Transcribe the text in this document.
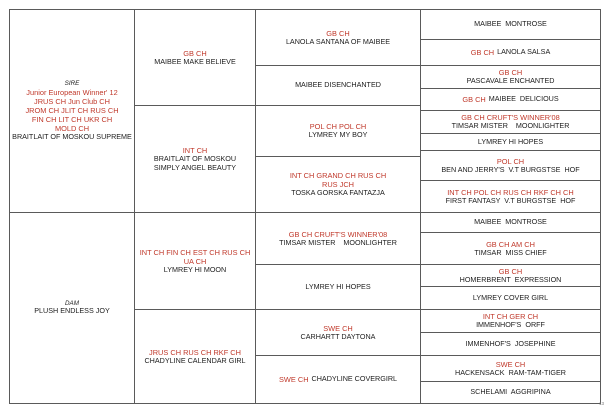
SIRE
Junior European Winner' 12
JRUS CH Jun Club CH
JROM CH JLIT CH RUS CH
FIN CH LIT CH UKR CH
MOLD CH
BRAITLAIT OF MOSKOU SUPREME
DAM
PLUSH ENDLESS JOY
GB CH
MAIBEE MAKE BELIEVE
INT CH
BRAITLAIT OF MOSKOU SIMPLY ANGEL BEAUTY
INT CH FIN CH EST CH RUS CH UA CH
LYMREY HI MOON
JRUS CH RUS CH RKF CH
CHADYLINE CALENDAR GIRL
GB CH
LANOLA SANTANA OF MAIBEE
MAIBEE DISENCHANTED
POL CH POL CH
LYMREY MY BOY
INT CH GRAND CH RUS CH
RUS JCH
TOSKA GORSKA FANTAZJA
GB CH CRUFT'S WINNER'08
TIMSAR MISTER    MOONLIGHTER
LYMREY HI HOPES
SWE CH
CARHARTT DAYTONA
SWE CH CHADYLINE COVERGIRL
MAIBEE  MONTROSE
GB CH LANOLA SALSA
GB CH
PASCAVALE ENCHANTED
GB CH MAIBEE  DELICIOUS
GB CH CRUFT'S WINNER'08
TIMSAR MISTER    MOONLIGHTER
LYMREY HI HOPES
POL CH
BEN AND JERRY'S  V.T BURGSTSE  HOF
INT CH POL CH RUS CH RKF CH CH
FIRST FANTASY  V.T BURGSTSE  HOF
MAIBEE  MONTROSE
GB CH AM CH
TIMSAR  MISS CHIEF
GB CH
HOMERBRENT  EXPRESSION
LYMREY COVER GIRL
INT CH GER CH
IMMENHOF'S  ORFF
IMMENHOF'S  JOSEPHINE
SWE CH
HACKENSACK  RAM-TAM-TIGER
SCHELAMI  AGGRIPINA
13
